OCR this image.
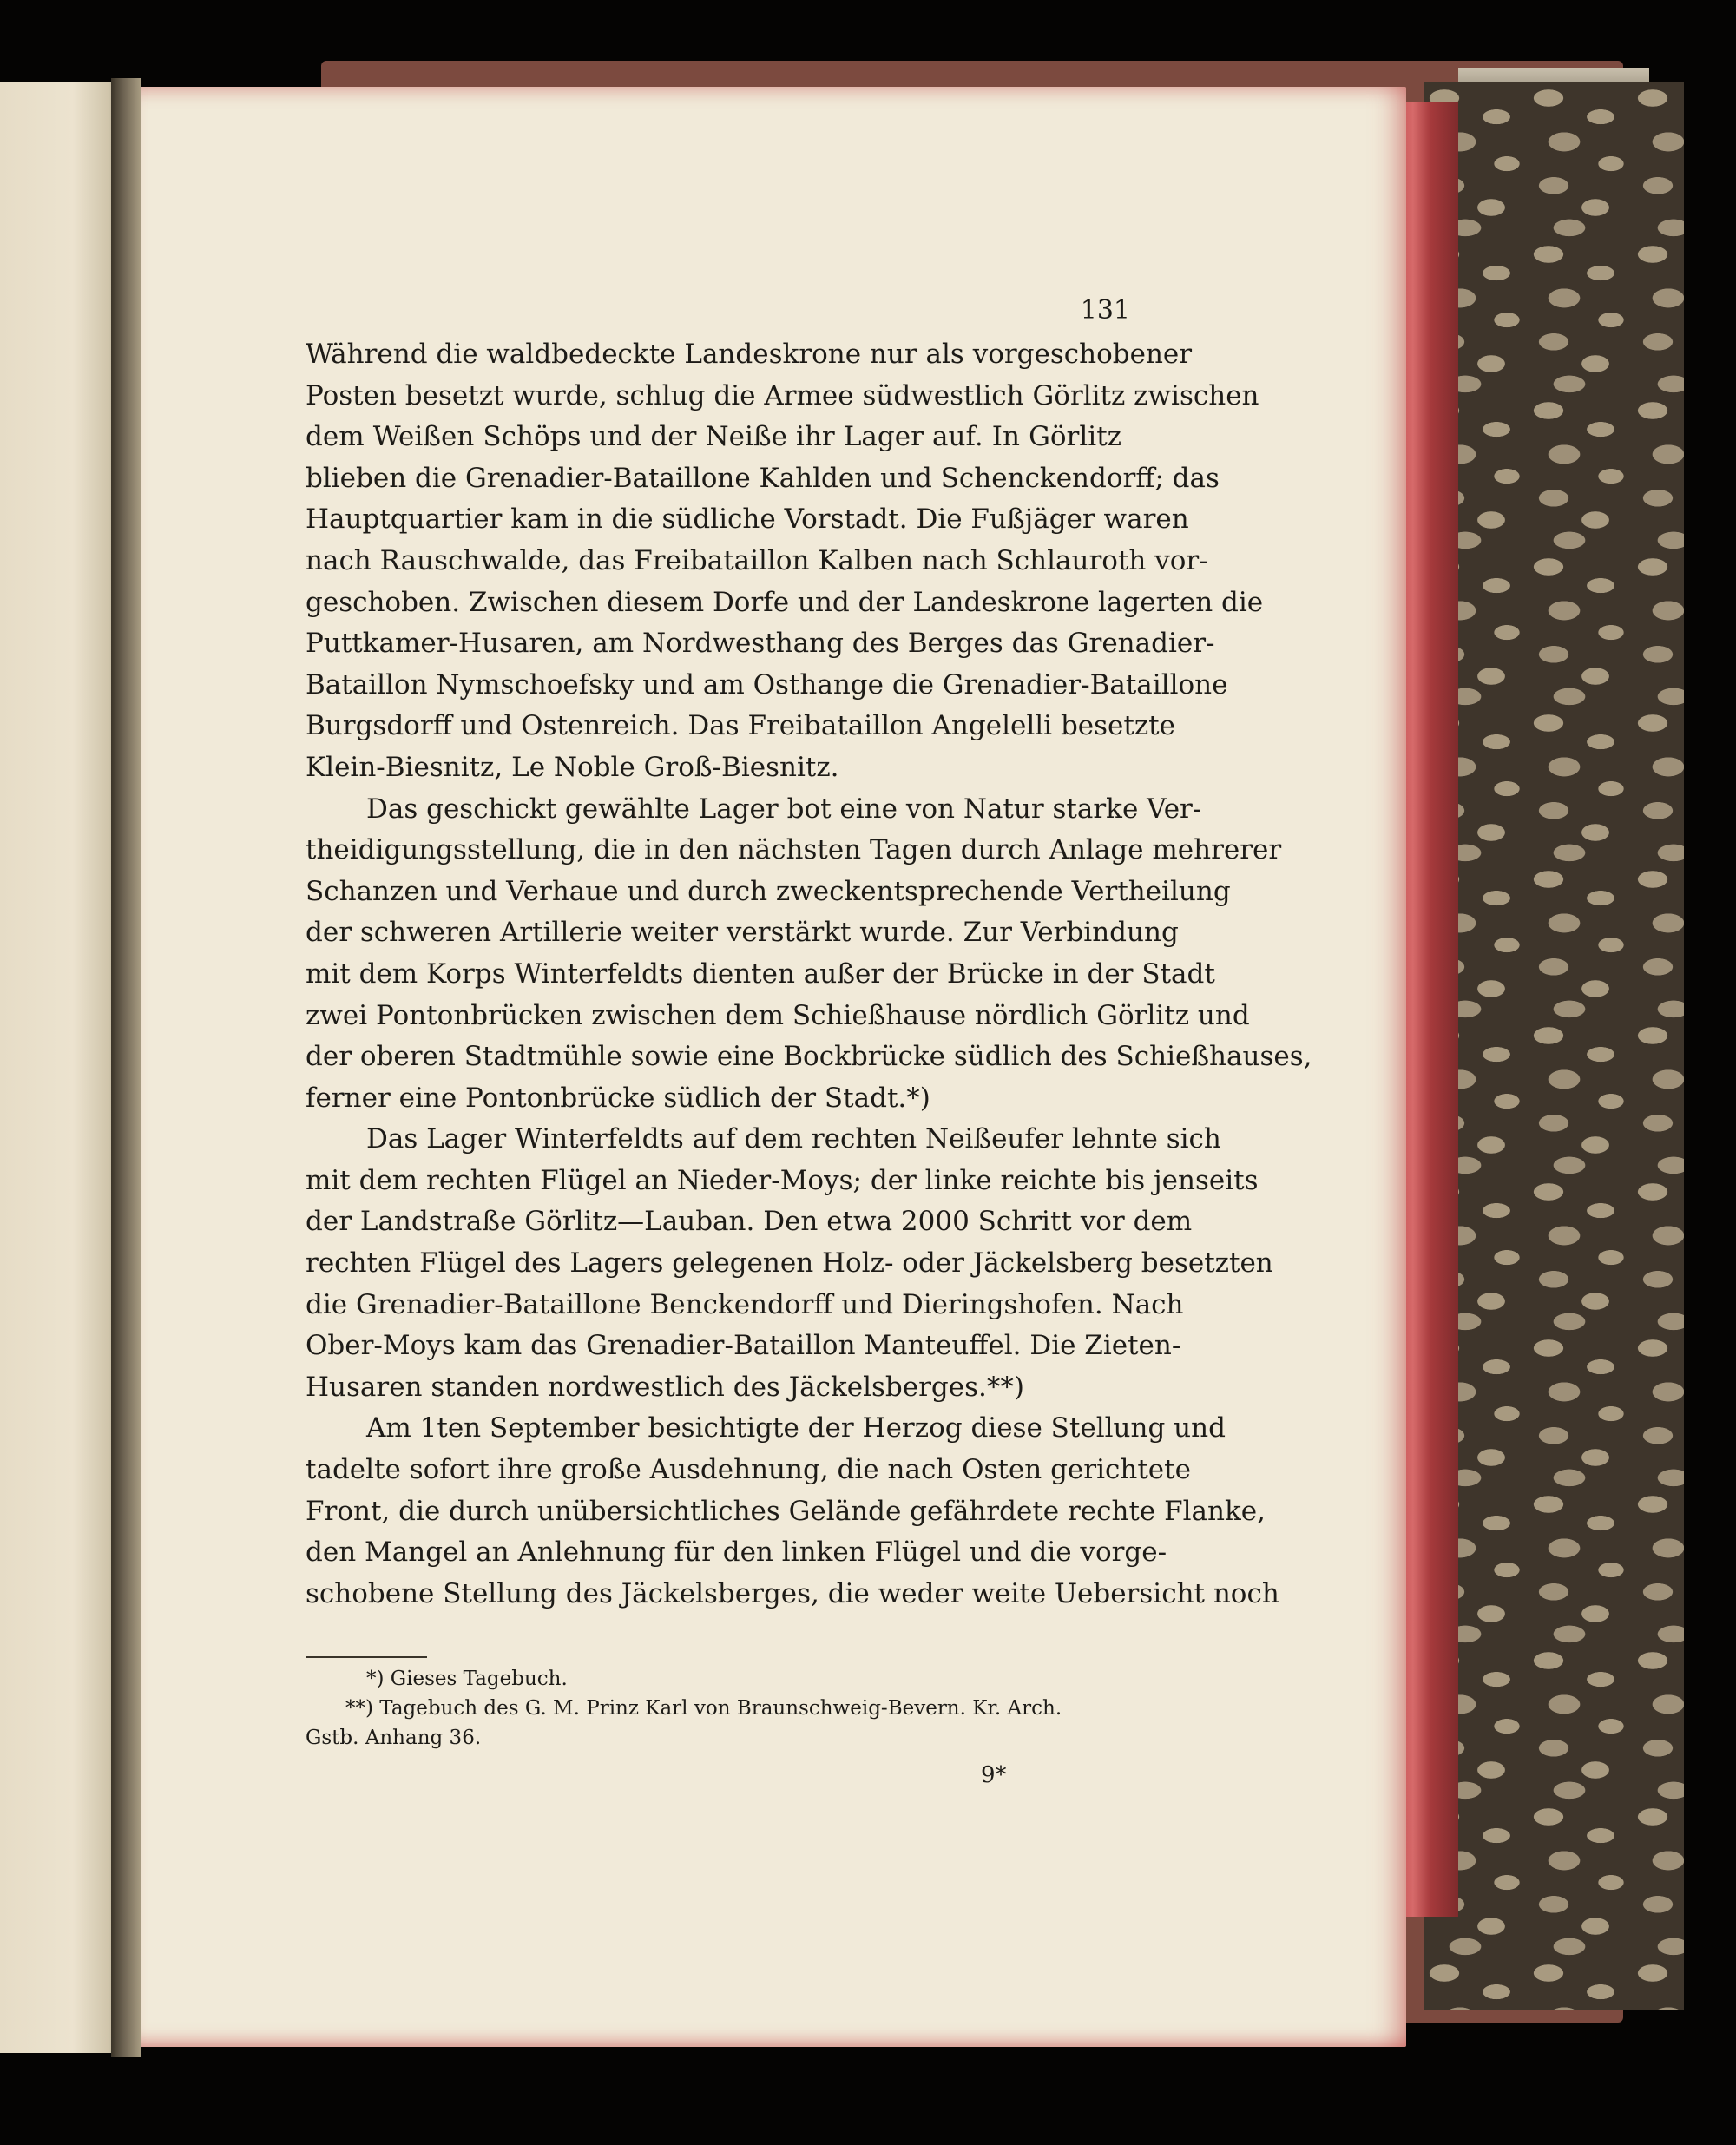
131
Während die waldbedeckte Landeskrone nur als vorgeschobener
Posten besetzt wurde, schlug die Armee südwestlich Görlitz zwischen
dem Weißen Schöps und der Neiße ihr Lager auf. In Görlitz
blieben die Grenadier-Bataillone Kahlden und Schenckendorff; das
Hauptquartier kam in die südliche Vorstadt. Die Fußjäger waren
nach Rauschwalde, das Freibataillon Kalben nach Schlauroth vor-
geschoben. Zwischen diesem Dorfe und der Landeskrone lagerten die
Puttkamer-Husaren, am Nordwesthang des Berges das Grenadier-
Bataillon Nymschoefsky und am Osthange die Grenadier-Bataillone
Burgsdorff und Ostenreich. Das Freibataillon Angelelli besetzte
Klein-Biesnitz, Le Noble Groß-Biesnitz.
Das geschickt gewählte Lager bot eine von Natur starke Ver-
theidigungsstellung, die in den nächsten Tagen durch Anlage mehrerer
Schanzen und Verhaue und durch zweckentsprechende Vertheilung
der schweren Artillerie weiter verstärkt wurde. Zur Verbindung
mit dem Korps Winterfeldts dienten außer der Brücke in der Stadt
zwei Pontonbrücken zwischen dem Schießhause nördlich Görlitz und
der oberen Stadtmühle sowie eine Bockbrücke südlich des Schießhauses,
ferner eine Pontonbrücke südlich der Stadt.*)
Das Lager Winterfeldts auf dem rechten Neißeufer lehnte sich
mit dem rechten Flügel an Nieder-Moys; der linke reichte bis jenseits
der Landstraße Görlitz—Lauban. Den etwa 2000 Schritt vor dem
rechten Flügel des Lagers gelegenen Holz- oder Jäckelsberg besetzten
die Grenadier-Bataillone Benckendorff und Dieringshofen. Nach
Ober-Moys kam das Grenadier-Bataillon Manteuffel. Die Zieten-
Husaren standen nordwestlich des Jäckelsberges.**)
Am 1ten September besichtigte der Herzog diese Stellung und
tadelte sofort ihre große Ausdehnung, die nach Osten gerichtete
Front, die durch unübersichtliches Gelände gefährdete rechte Flanke,
den Mangel an Anlehnung für den linken Flügel und die vorge-
schobene Stellung des Jäckelsberges, die weder weite Uebersicht noch
*) Gieses Tagebuch.
**) Tagebuch des G. M. Prinz Karl von Braunschweig-Bevern. Kr. Arch.
Gstb. Anhang 36.
9*
